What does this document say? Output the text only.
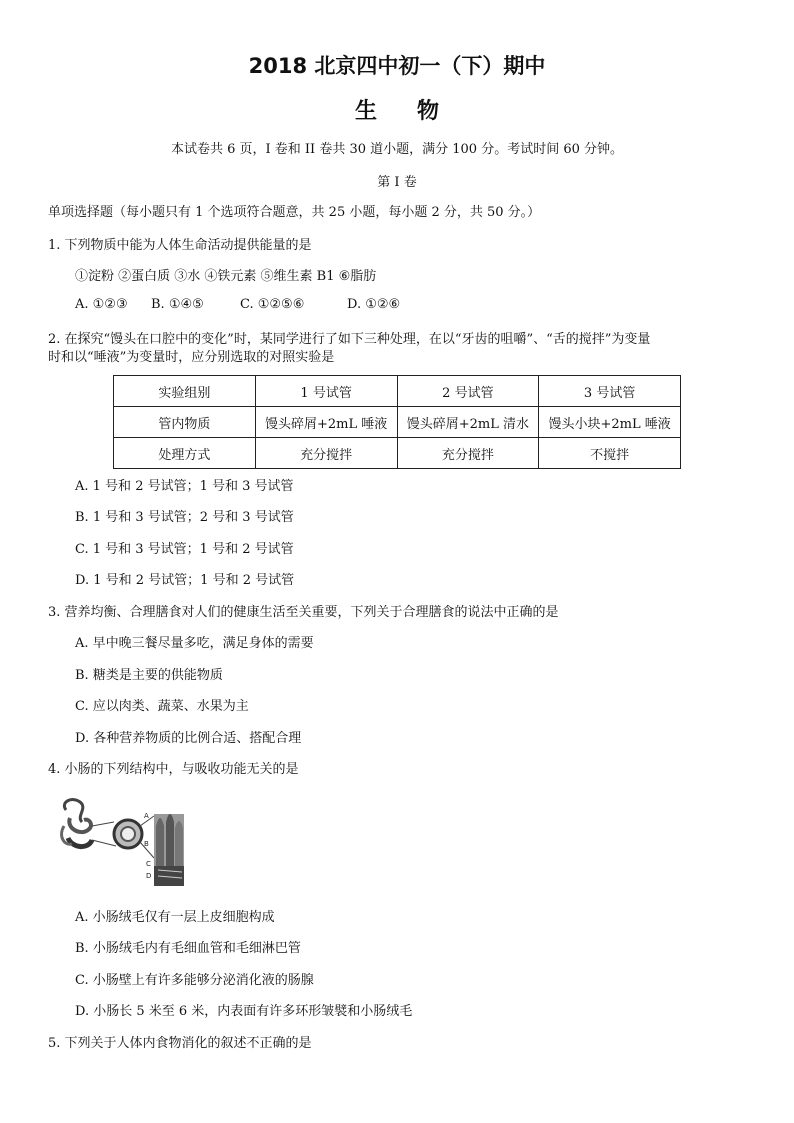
2018 北京四中初一（下）期中
生物
本试卷共 6 页，I 卷和 II 卷共 30 道小题，满分 100 分。考试时间 60 分钟。
第 I 卷
单项选择题（每小题只有 1 个选项符合题意，共 25 小题，每小题 2 分，共 50 分。）
1. 下列物质中能为人体生命活动提供能量的是
①淀粉 ②蛋白质 ③水 ④铁元素 ⑤维生素 B1 ⑥脂肪
A. ①②③ B. ①④⑤	C. ①②⑤⑥	D. ①②⑥
2. 在探究“馒头在口腔中的变化”时，某同学进行了如下三种处理，在以“牙齿的咀嚼”、“舌的搅拌”为变量
时和以“唾液”为变量时，应分别选取的对照实验是
实验组别	1 号试管	2 号试管	3 号试管
管内物质	馒头碎屑+2mL 唾液	馒头碎屑+2mL 清水	馒头小块+2mL 唾液
处理方式	充分搅拌	充分搅拌	不搅拌
A. 1 号和 2 号试管；1 号和 3 号试管
B. 1 号和 3 号试管；2 号和 3 号试管
C. 1 号和 3 号试管；1 号和 2 号试管
D. 1 号和 2 号试管；1 号和 2 号试管
3. 营养均衡、合理膳食对人们的健康生活至关重要，下列关于合理膳食的说法中正确的是
A. 早中晚三餐尽量多吃，满足身体的需要
B. 糖类是主要的供能物质
C. 应以肉类、蔬菜、水果为主
D. 各种营养物质的比例合适、搭配合理
4. 小肠的下列结构中，与吸收功能无关的是
A
B
C
D
A. 小肠绒毛仅有一层上皮细胞构成
B. 小肠绒毛内有毛细血管和毛细淋巴管
C. 小肠壁上有许多能够分泌消化液的肠腺
D. 小肠长 5 米至 6 米，内表面有许多环形皱襞和小肠绒毛
5. 下列关于人体内食物消化的叙述不正确的是
